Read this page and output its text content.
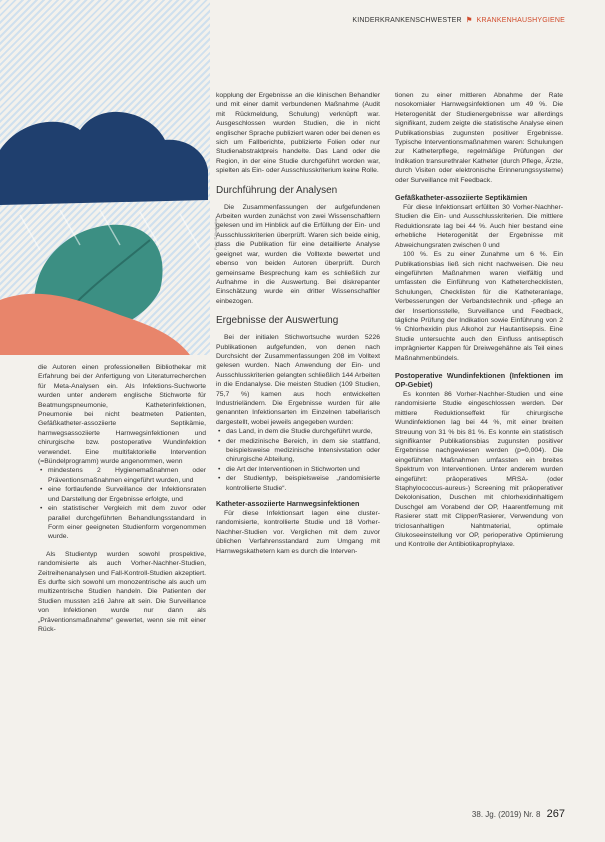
KINDERKRANKENSCHWESTER ⚑ KRANKENHAUSHYGIENE
Foto: © Illustration

die Autoren einen professionellen Bibliothekar mit Erfahrung bei der Anfertigung von Literaturrecherchen für Meta-Analysen ein. Als Infektions-Suchworte wurden unter anderem englische Stichworte für Beatmungspneumonie, Katheterinfektionen, Pneumonie bei nicht beatmeten Patienten, Gefäßkatheter-assoziierte Septikämie, harnwegsassoziierte Harnwegsinfektionen und chirurgische bzw. postoperative Wundinfektion verwendet. Eine multifaktorielle Intervention (=Bündelprogramm) wurde angenommen, wenn

• mindestens 2 Hygienemaßnahmen oder Präventionsmaßnahmen eingeführt wurden, und
• eine fortlaufende Surveillance der Infektionsraten und Darstellung der Ergebnisse erfolgte, und
• ein statistischer Vergleich mit dem zuvor oder parallel durchgeführten Behandlungsstandard in Form einer geeigneten Studienform vorgenommen wurde.

Als Studientyp wurden sowohl prospektive, randomisierte als auch Vorher-Nachher-Studien, Zeitreihenanalysen und Fall-Kontroll-Studien akzeptiert. Es durfte sich sowohl um monozentrische als auch um multizentrische Studien handeln. Die Patienten der Studien mussten ≥16 Jahre alt sein. Die Surveillance von Infektionen wurde nur dann als „Präventionsmaßnahme“ gewertet, wenn sie mit einer Rück-

kopplung der Ergebnisse an die klinischen Behandler und mit einer damit verbundenen Maßnahme (Audit mit Rückmeldung, Schulung) verknüpft war. Ausgeschlossen wurden Studien, die in nicht englischer Sprache publiziert waren oder bei denen es sich um Fallberichte, publizierte Folien oder nur Studienabstraktpreis handelte. Das Land oder die Region, in der eine Studie durchgeführt worden war, spielten als Ein- oder Ausschlusskriterium keine Rolle.

Durchführung der Analysen

Die Zusammenfassungen der aufgefundenen Arbeiten wurden zunächst von zwei Wissenschaftlern gelesen und im Hinblick auf die Erfüllung der Ein- und Ausschlusskriterien überprüft. Waren sich beide einig, dass die Publikation für eine detaillierte Analyse geeignet war, wurden die Volltexte bewertet und ebenso von beiden Autoren überprüft. Durch gemeinsame Besprechung kam es schließlich zur Aufnahme in die Auswertung. Bei diskrepanter Einschätzung wurde ein dritter Wissenschaftler einbezogen.

Ergebnisse der Auswertung

Bei der initialen Stichwortsuche wurden 5226 Publikationen aufgefunden, von denen nach Durchsicht der Zusammenfassungen 208 im Volltext gelesen wurden. Nach Anwendung der Ein- und Ausschlusskriterien gelangten schließlich 144 Arbeiten in die Endanalyse. Die meisten Studien (109 Studien, 75,7 %) kamen aus hoch entwickelten Industrieländern. Die Ergebnisse wurden für alle genannten Infektionsarten im Einzelnen tabellarisch dargestellt, wobei jeweils angegeben wurden:

• das Land, in dem die Studie durchgeführt wurde,
• der medizinische Bereich, in dem sie stattfand, beispielsweise medizinische Intensivstation oder chirurgische Abteilung,
• die Art der Interventionen in Stichworten und
• der Studientyp, beispielsweise „randomisierte kontrollierte Studie“.
Katheter-assoziierte Harnwegsinfektionen

Für diese Infektionsart lagen eine cluster-randomisierte, kontrollierte Studie und 18 Vorher-Nachher-Studien vor. Verglichen mit dem zuvor üblichen Verfahrensstandard zum Umgang mit Harnwegskathetern kam es durch die Interven-

tionen zu einer mittleren Abnahme der Rate nosokomialer Harnwegsinfektionen um 49 %. Die Heterogenität der Studienergebnisse war allerdings signifikant, zudem zeigte die statistische Analyse einen Publikationsbias zugunsten positiver Ergebnisse. Typische Interventionsmaßnahmen waren: Schulungen zur Katheterpflege, regelmäßige Prüfungen der Indikation transurethraler Katheter (durch Pflege, Ärzte, durch Visiten oder elektronische Erinnerungssysteme) oder Surveillance mit Feedback.

Gefäßkatheter-assoziierte Septikämien

Für diese Infektionsart erfüllten 30 Vorher-Nachher-Studien die Ein- und Ausschlusskriterien. Die mittlere Reduktionsrate lag bei 44 %. Auch hier bestand eine erhebliche Heterogenität der Ergebnisse mit Abweichungsraten zwischen 0 und

100 %. Es zu einer Zunahme um 6 %. Ein Publikationsbias ließ sich nicht nachweisen. Die neu eingeführten Maßnahmen waren vielfältig und umfassten die Einführung von Katheterchecklisten, Schulungen, Checklisten für die Katheteranlage, Verbesserungen der Verbandstechnik und -pflege an der Insertionsstelle, Surveillance und Feedback, tägliche Prüfung der Indikation sowie Einführung von 2 % Chlorhexidin plus Alkohol zur Hautantisepsis. Eine Studie untersuchte auch den Einfluss antiseptisch imprägnierter Kappen für Dreiwegehähne als Teil eines Maßnahmenbündels.

Postoperative Wundinfektionen (Infektionen im OP-Gebiet)

Es konnten 86 Vorher-Nachher-Studien und eine randomisierte Studie eingeschlossen werden. Der mittlere Reduktionseffekt für chirurgische Wundinfektionen lag bei 44 %, mit einer breiten Streuung von 31 % bis 81 %. Es konnte ein statistisch signifikanter Publikationsbias zugunsten positiver Ergebnisse nachgewiesen werden (p=0,004). Die eingeführten Maßnahmen umfassten ein breites Spektrum von Interventionen. Unter anderem wurden eingeführt: präoperatives MRSA- (oder Staphylococcus-aureus-) Screening mit präoperativer Dekolonisation, Duschen mit chlorhexidinhaltigem Duschgel am Vorabend der OP, Haarentfernung mit Rasierer statt mit Clipper/Rasierer, Verwendung von triclosanhaltigen Nahtmaterial, optimale Glukoseeinstellung vor OP, perioperative Optimierung und Kontrolle der Antibiotikaprophylaxe.

38. Jg. (2019) Nr. 8 267
